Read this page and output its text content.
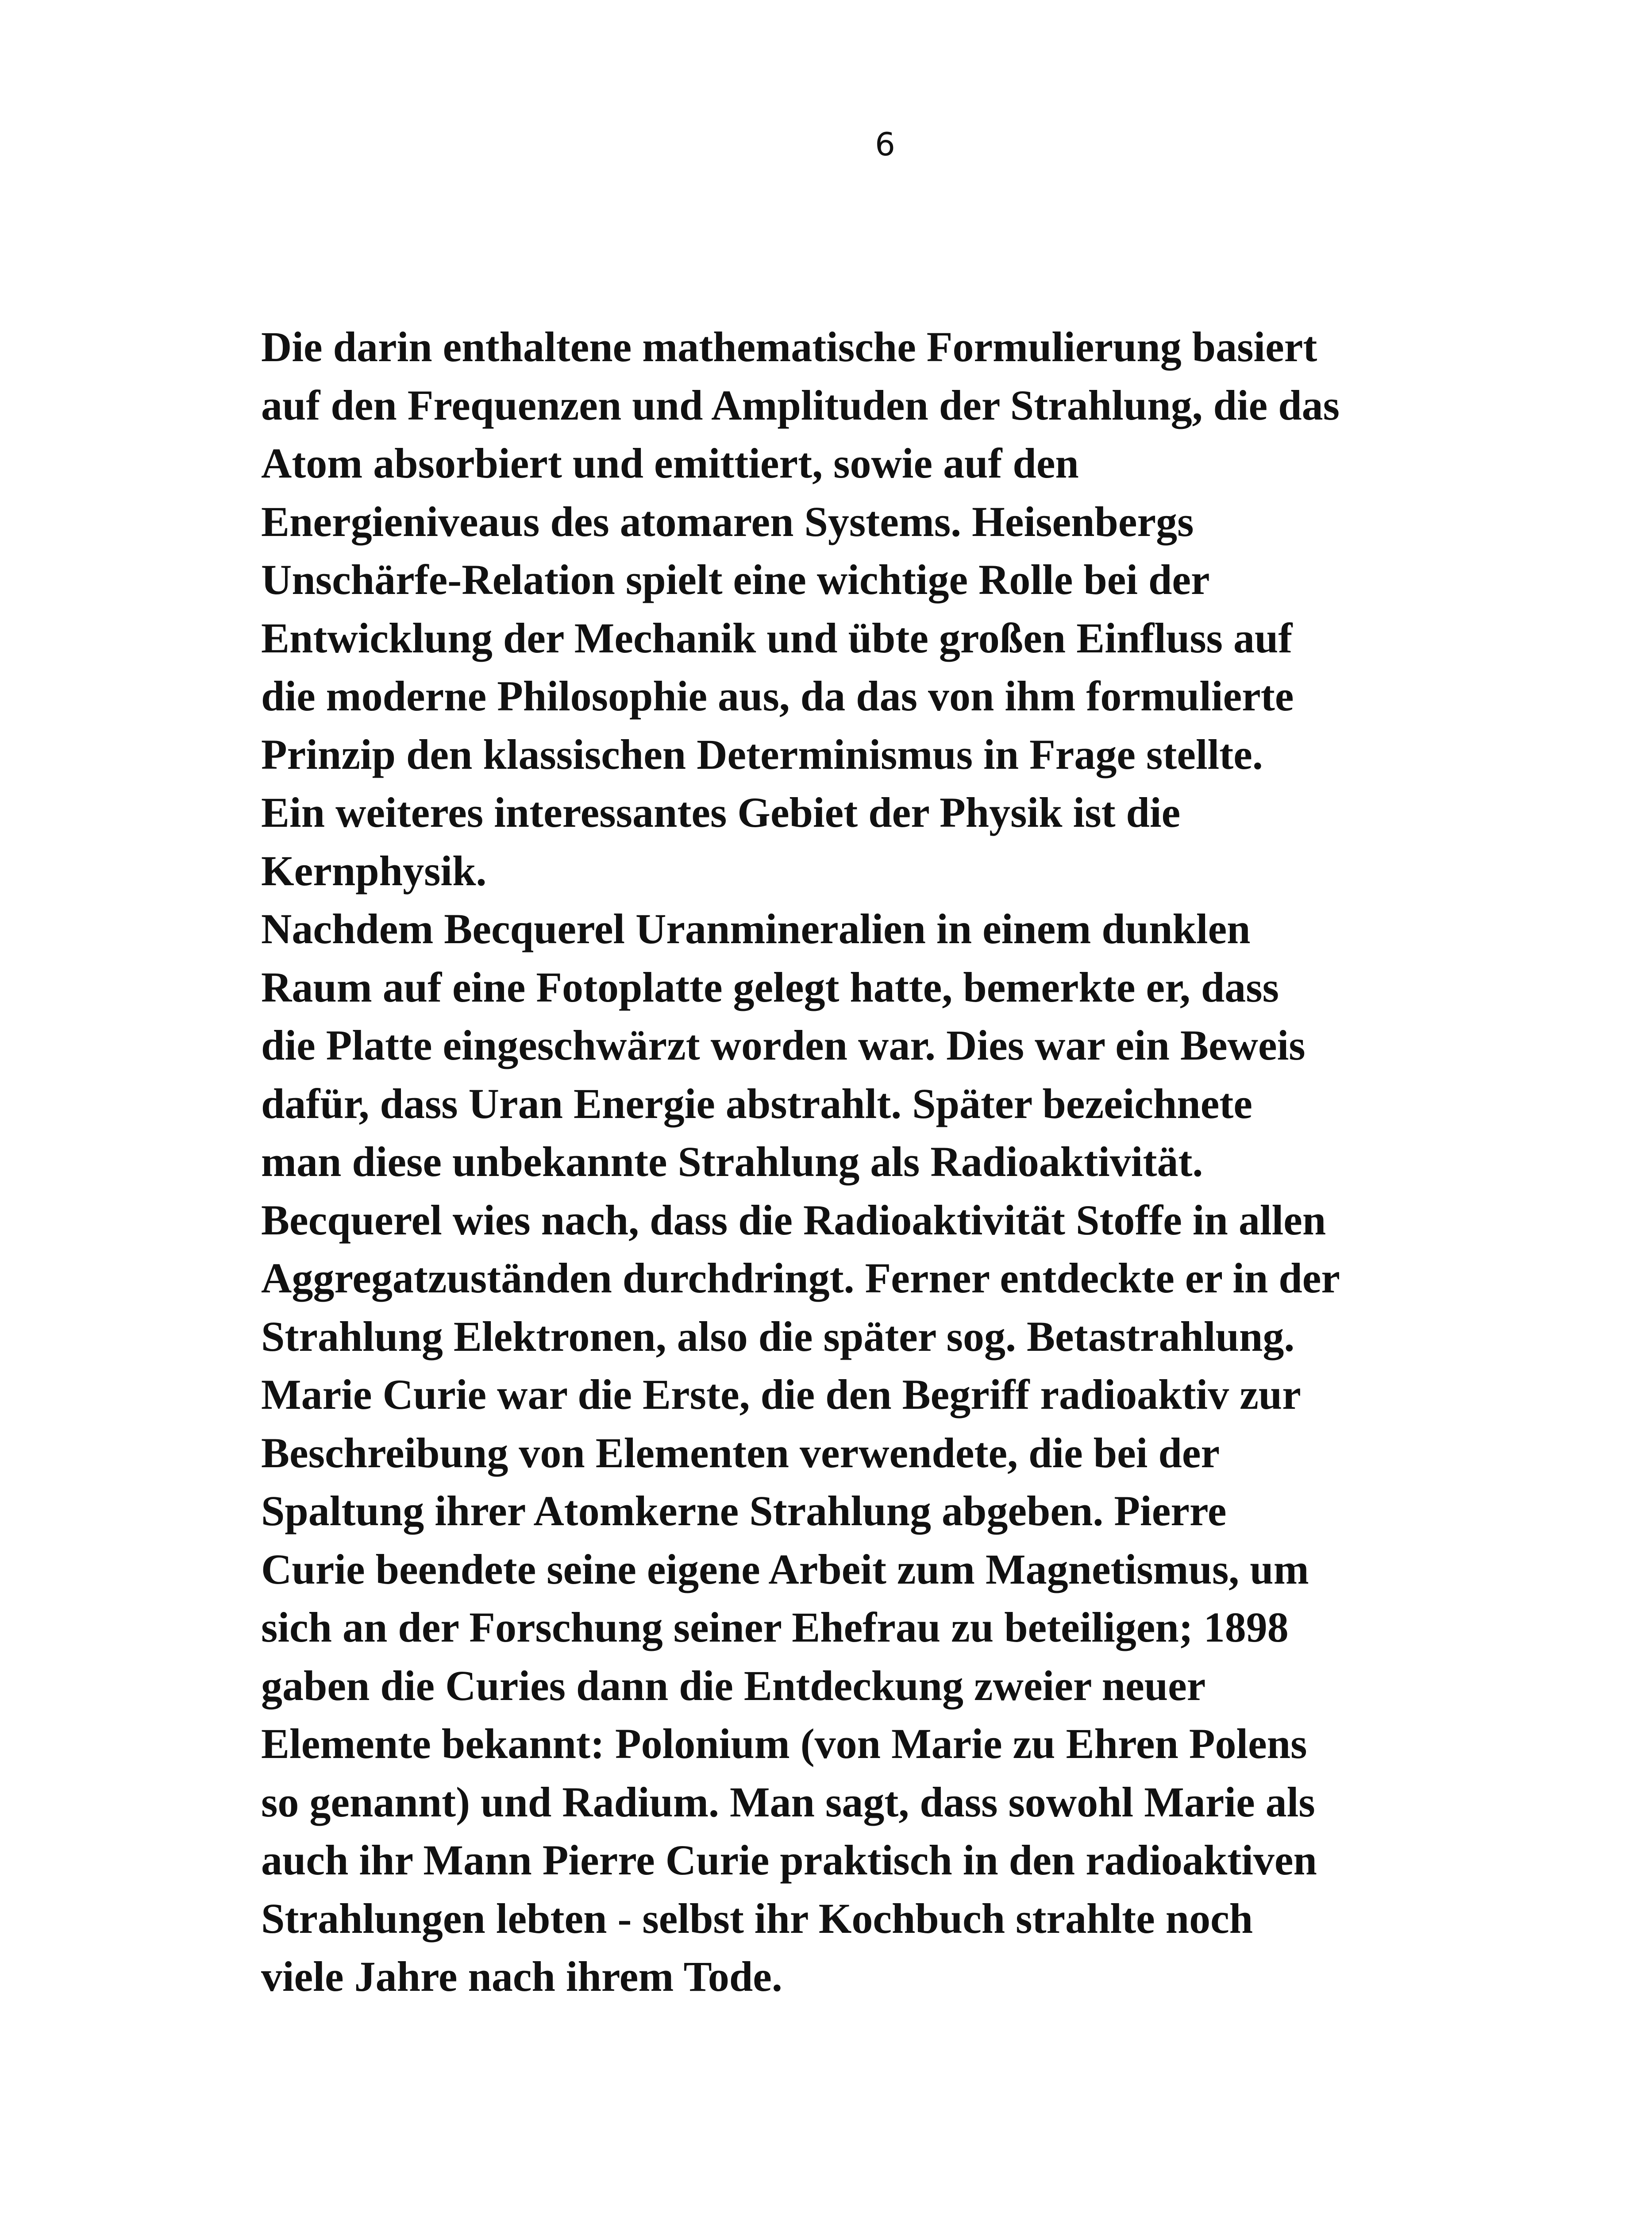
6
Die darin enthaltene mathematische Formulierung basiert
auf den Frequenzen und Amplituden der Strahlung, die das
Atom absorbiert und emittiert, sowie auf den
Energieniveaus des atomaren Systems. Heisenbergs
Unschärfe-Relation spielt eine wichtige Rolle bei der
Entwicklung der Mechanik und übte großen Einfluss auf
die moderne Philosophie aus, da das von ihm formulierte
Prinzip den klassischen Determinismus in Frage stellte.
Ein weiteres interessantes Gebiet der Physik ist die
Kernphysik.
Nachdem Becquerel Uranmineralien in einem dunklen
Raum auf eine Fotoplatte gelegt hatte, bemerkte er, dass
die Platte eingeschwärzt worden war. Dies war ein Beweis
dafür, dass Uran Energie abstrahlt. Später bezeichnete
man diese unbekannte Strahlung als Radioaktivität.
Becquerel wies nach, dass die Radioaktivität Stoffe in allen
Aggregatzuständen durchdringt. Ferner entdeckte er in der
Strahlung Elektronen, also die später sog. Betastrahlung.
Marie Curie war die Erste, die den Begriff radioaktiv zur
Beschreibung von Elementen verwendete, die bei der
Spaltung ihrer Atomkerne Strahlung abgeben. Pierre
Curie beendete seine eigene Arbeit zum Magnetismus, um
sich an der Forschung seiner Ehefrau zu beteiligen; 1898
gaben die Curies dann die Entdeckung zweier neuer
Elemente bekannt: Polonium (von Marie zu Ehren Polens
so genannt) und Radium. Man sagt, dass sowohl Marie als
auch ihr Mann Pierre Curie praktisch in den radioaktiven
Strahlungen lebten - selbst ihr Kochbuch strahlte noch
viele Jahre nach ihrem Tode.
